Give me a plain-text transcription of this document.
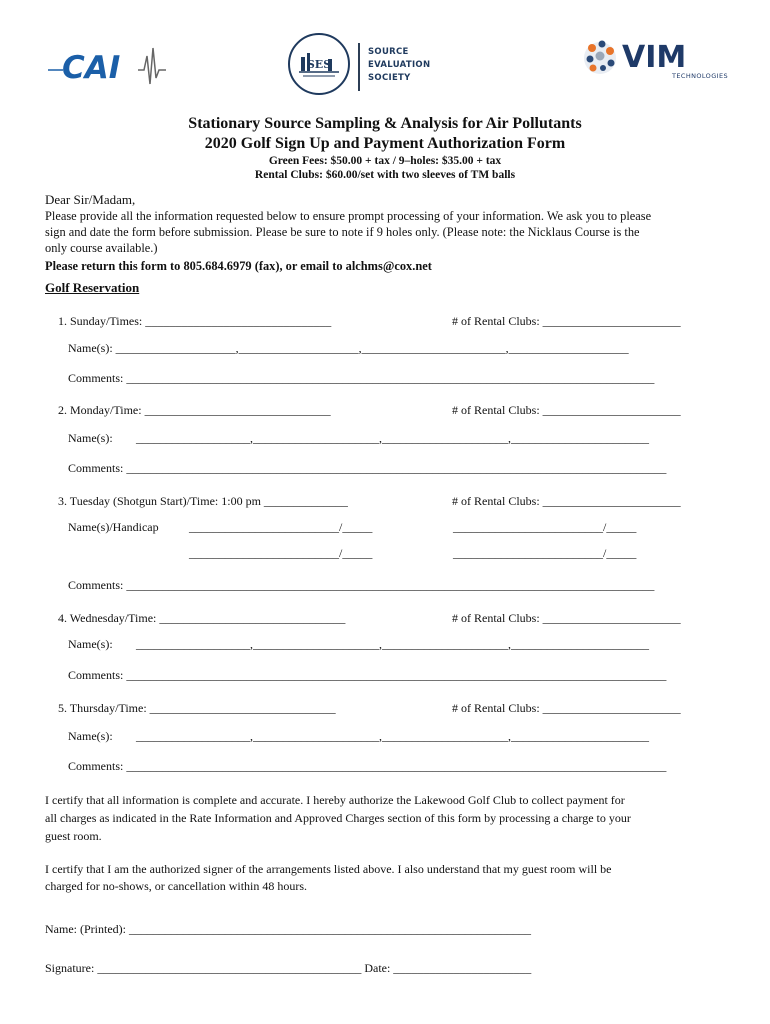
CAI	SES
SOURCE
EVALUATION
SOCIETY
VIM
TECHNOLOGIES
Stationary Source Sampling & Analysis for Air Pollutants
2020 Golf Sign Up and Payment Authorization Form
Green Fees: $50.00 + tax / 9–holes: $35.00 + tax
Rental Clubs: $60.00/set with two sleeves of TM balls
Dear Sir/Madam,
Please provide all the information requested below to ensure prompt processing of your information. We ask you to please
sign and date the form before submission. Please be sure to note if 9 holes only. (Please note: the Nicklaus Course is the
only course available.)
Please return this form to 805.684.6979 (fax), or email to alchms@cox.net
Golf Reservation
1. Sunday/Times: _______________________________	# of Rental Clubs: _______________________
Name(s): ____________________,____________________,________________________,____________________
Comments: ________________________________________________________________________________________
2. Monday/Time: _______________________________	# of Rental Clubs: _______________________
Name(s): ___________________,_____________________,_____________________,_______________________
Comments: __________________________________________________________________________________________
3. Tuesday (Shotgun Start)/Time: 1:00 pm ______________	# of Rental Clubs: _______________________
Name(s)/Handicap	_________________________/_____	_________________________/_____
_________________________/_____	_________________________/_____
Comments: ________________________________________________________________________________________
4. Wednesday/Time: _______________________________	# of Rental Clubs: _______________________
Name(s): ___________________,_____________________,_____________________,_______________________
Comments: __________________________________________________________________________________________
5. Thursday/Time: _______________________________	# of Rental Clubs: _______________________
Name(s): ___________________,_____________________,_____________________,_______________________
Comments: __________________________________________________________________________________________
I certify that all information is complete and accurate. I hereby authorize the Lakewood Golf Club to collect payment for
all charges as indicated in the Rate Information and Approved Charges section of this form by processing a charge to your
guest room.
I certify that I am the authorized signer of the arrangements listed above. I also understand that my guest room will be
charged for no-shows, or cancellation within 48 hours.
Name: (Printed): ___________________________________________________________________
Signature: ____________________________________________ Date: _______________________
